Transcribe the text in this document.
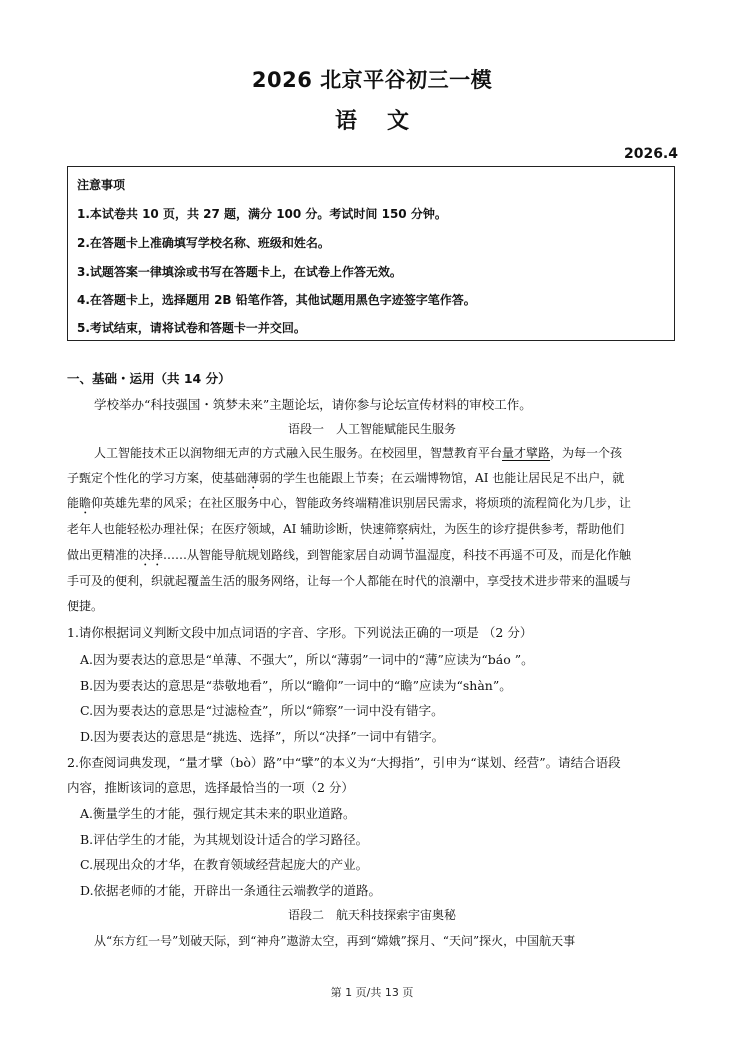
2026 北京平谷初三一模
语文
2026.4
注意事项
1.本试卷共 10 页，共 27 题，满分 100 分。考试时间 150 分钟。
2.在答题卡上准确填写学校名称、班级和姓名。
3.试题答案一律填涂或书写在答题卡上，在试卷上作答无效。
4.在答题卡上，选择题用 2B 铅笔作答，其他试题用黑色字迹签字笔作答。
5.考试结束，请将试卷和答题卡一并交回。
一、基础・运用（共 14 分）
学校举办“科技强国・筑梦未来”主题论坛，请你参与论坛宣传材料的审校工作。
语段一　人工智能赋能民生服务
人工智能技术正以润物细无声的方式融入民生服务。在校园里，智慧教育平台量才擘路，为每一个孩
子甄定个性化的学习方案，使基础薄弱的学生也能跟上节奏；在云端博物馆，AI 也能让居民足不出户，就
能瞻仰英雄先辈的风采；在社区服务中心，智能政务终端精准识别居民需求，将烦琐的流程简化为几步，让
老年人也能轻松办理社保；在医疗领域，AI 辅助诊断，快速筛察病灶，为医生的诊疗提供参考，帮助他们
做出更精准的决择……从智能导航规划路线，到智能家居自动调节温湿度，科技不再遥不可及，而是化作触
手可及的便利，织就起覆盖生活的服务网络，让每一个人都能在时代的浪潮中，享受技术进步带来的温暖与
便捷。
1.请你根据词义判断文段中加点词语的字音、字形。下列说法正确的一项是 （2 分）
A.因为要表达的意思是“单薄、不强大”，所以“薄弱”一词中的“薄”应读为“báo ”。
B.因为要表达的意思是“恭敬地看”，所以“瞻仰”一词中的“瞻”应读为“shàn”。
C.因为要表达的意思是“过滤检查”，所以“筛察”一词中没有错字。
D.因为要表达的意思是“挑选、选择”，所以“决择”一词中有错字。
2.你查阅词典发现，“量才擘（bò）路”中“擘”的本义为“大拇指”，引申为“谋划、经营”。请结合语段
内容，推断该词的意思，选择最恰当的一项（2 分）
A.衡量学生的才能，强行规定其未来的职业道路。
B.评估学生的才能，为其规划设计适合的学习路径。
C.展现出众的才华，在教育领域经营起庞大的产业。
D.依据老师的才能，开辟出一条通往云端教学的道路。
语段二　航天科技探索宇宙奥秘
从“东方红一号”划破天际，到“神舟”遨游太空，再到“嫦娥”探月、“天问”探火，中国航天事
第 1 页/共 13 页
